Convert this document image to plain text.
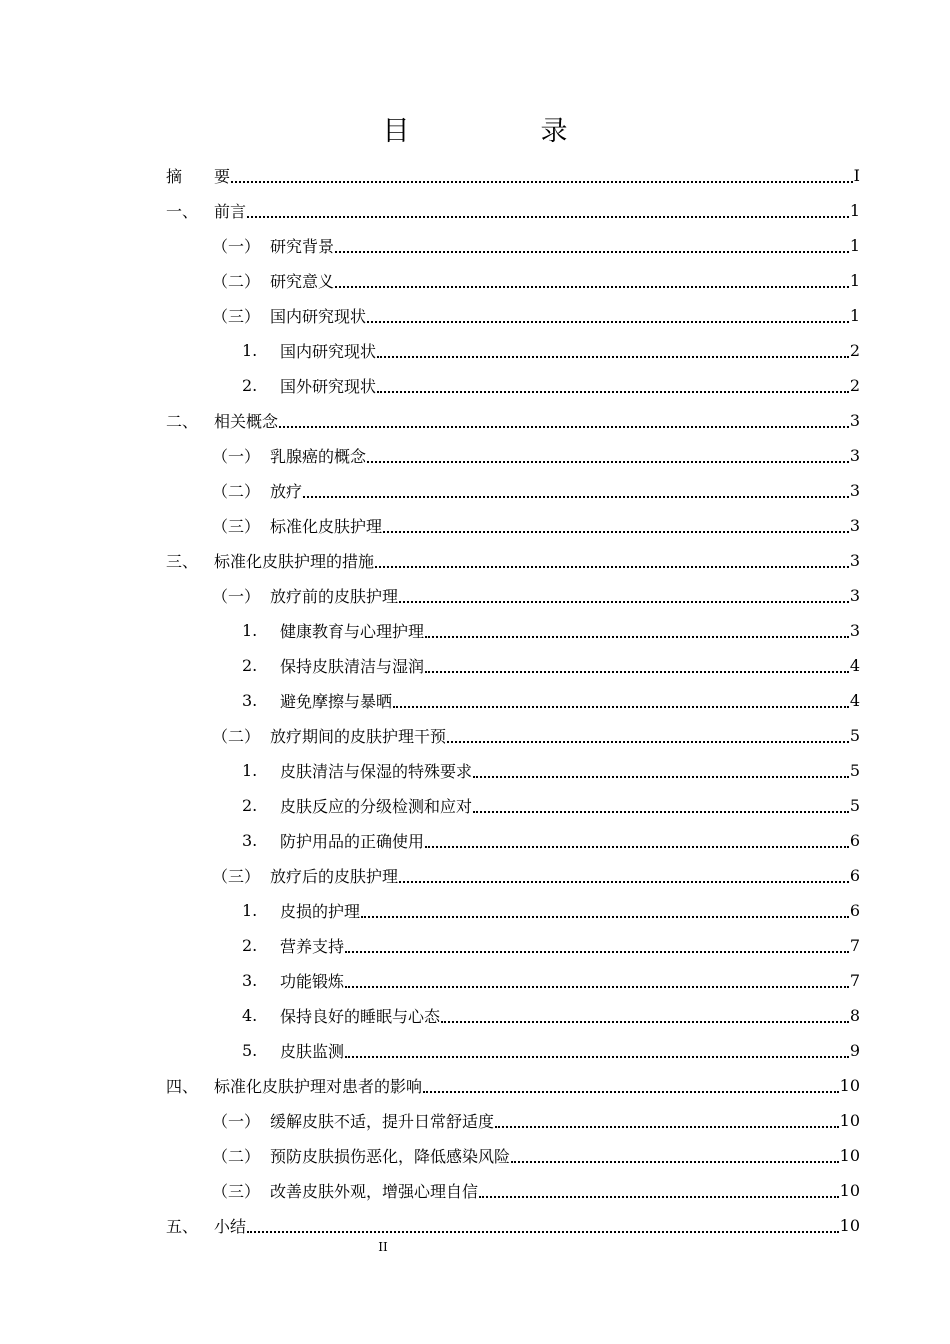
目　录
摘　 要	I
一、 前言	1
（一） 研究背景	1
（二） 研究意义	1
（三） 国内研究现状	1
1.	国内研究现状	2
2.	国外研究现状	2
二、 相关概念	3
（一） 乳腺癌的概念	3
（二） 放疗	3
（三） 标准化皮肤护理	3
三、 标准化皮肤护理的措施	3
（一） 放疗前的皮肤护理	3
1.	健康教育与心理护理	3
2.	保持皮肤清洁与湿润	4
3.	避免摩擦与暴晒	4
（二） 放疗期间的皮肤护理干预	5
1.	皮肤清洁与保湿的特殊要求	5
2.	皮肤反应的分级检测和应对	5
3.	防护用品的正确使用	6
（三） 放疗后的皮肤护理	6
1.	皮损的护理	6
2.	营养支持	7
3.	功能锻炼	7
4.	保持良好的睡眠与心态	8
5.	皮肤监测	9
四、 标准化皮肤护理对患者的影响	10
（一） 缓解皮肤不适，提升日常舒适度	10
（二） 预防皮肤损伤恶化，降低感染风险	10
（三） 改善皮肤外观，增强心理自信	10
五、 小结	10
II
